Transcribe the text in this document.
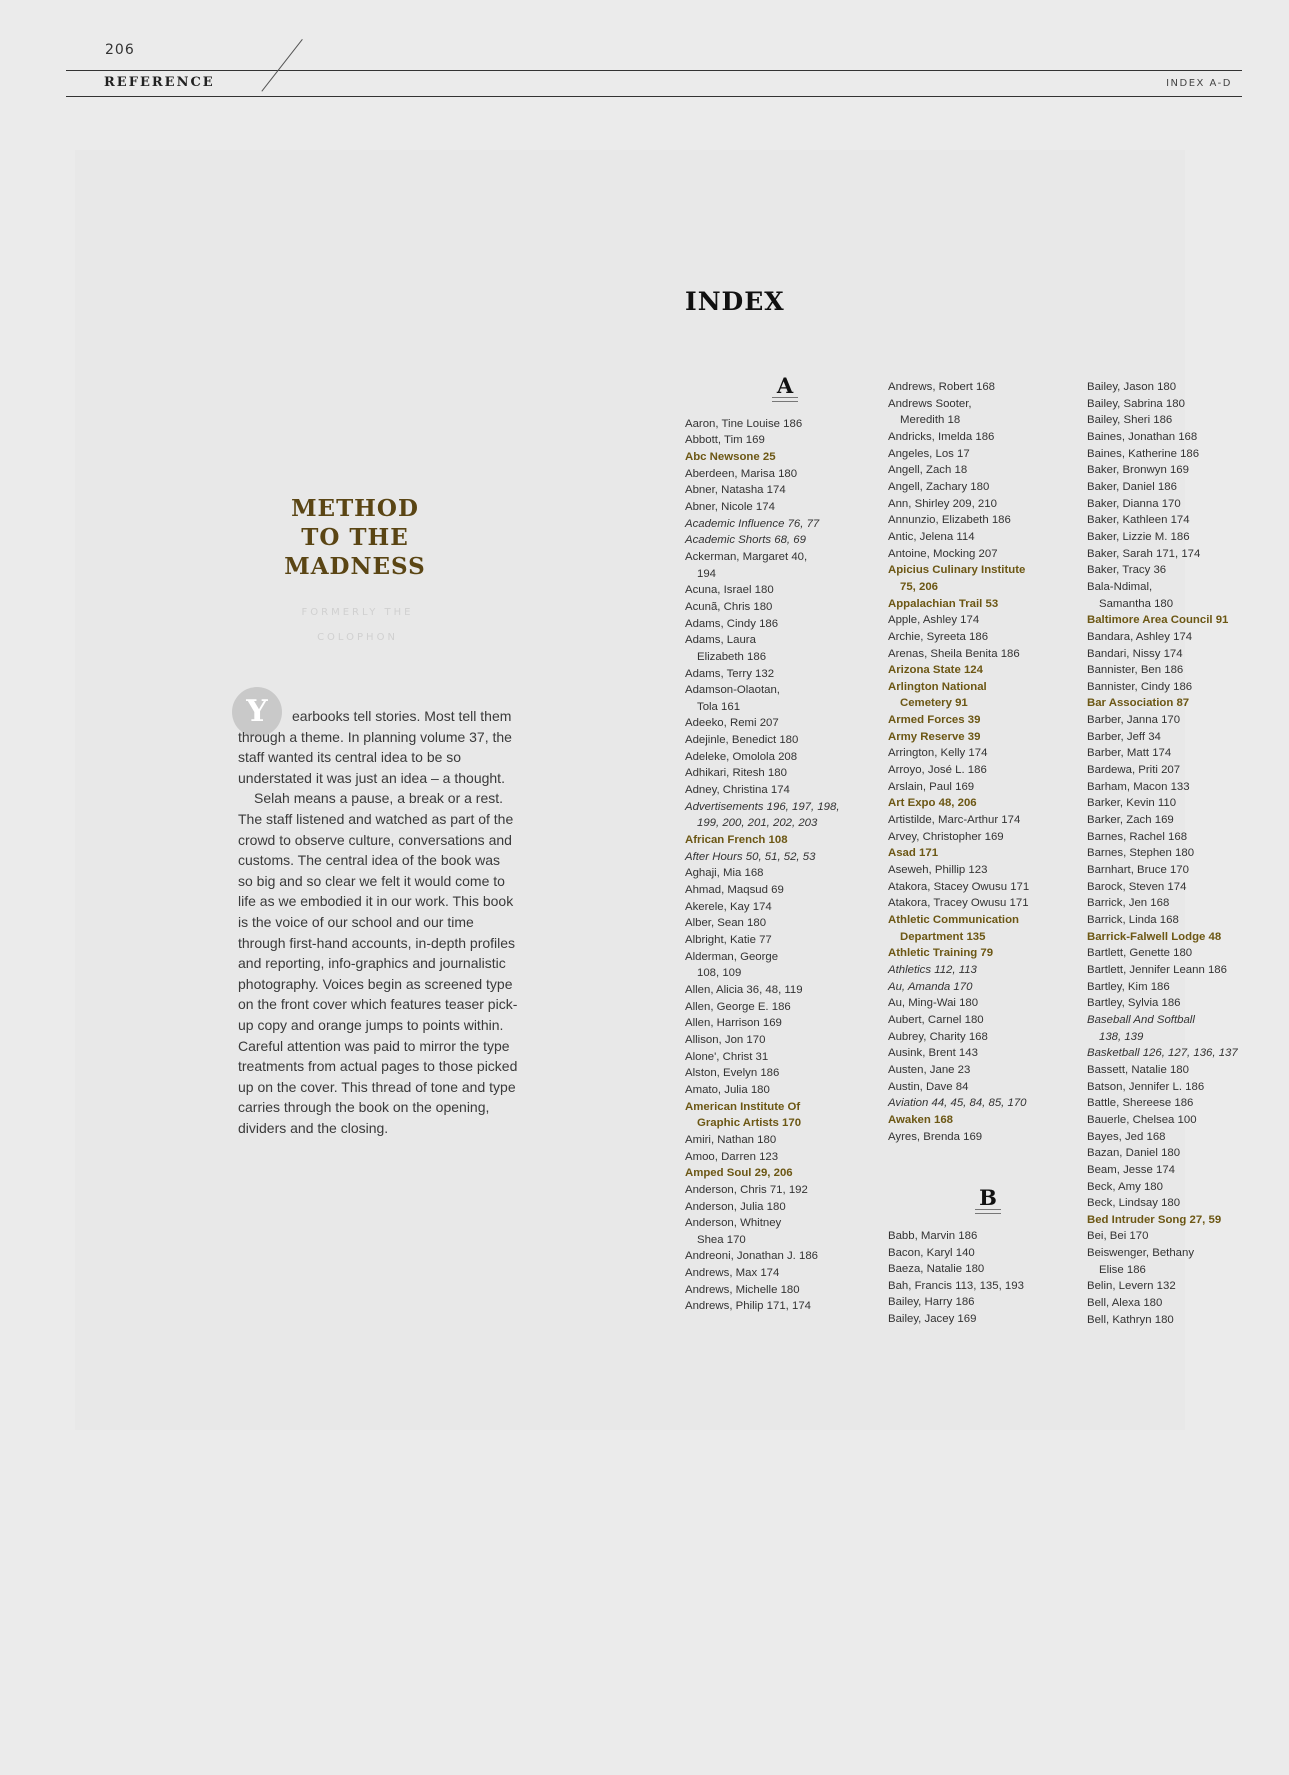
206
REFERENCE	INDEX A-D
INDEX
METHOD
TO THE
MADNESS
FORMERLY THE
COLOPHON
Y	earbooks tell stories. Most tell them through a theme. In planning volume 37, the staff wanted its central idea to be so understated it was just an idea – a thought.

Selah means a pause, a break or a rest. The staff listened and watched as part of the crowd to observe culture, conversations and customs. The central idea of the book was so big and so clear we felt it would come to life as we embodied it in our work. This book is the voice of our school and our time through first-hand accounts, in-depth profiles and reporting, info-graphics and journalistic photography. Voices begin as screened type on the front cover which features teaser pick-up copy and orange jumps to points within. Careful attention was paid to mirror the type treatments from actual pages to those picked up on the cover. This thread of tone and type carries through the book on the opening, dividers and the closing.

A
Aaron, Tine Louise 186
Abbott, Tim 169
Abc Newsone 25
Aberdeen, Marisa 180
Abner, Natasha 174
Abner, Nicole 174
Academic Influence 76, 77
Academic Shorts 68, 69
Ackerman, Margaret 40,
194
Acuna, Israel 180
Acunã, Chris 180
Adams, Cindy 186
Adams, Laura
Elizabeth 186
Adams, Terry 132
Adamson-Olaotan,
Tola 161
Adeeko, Remi 207
Adejinle, Benedict 180
Adeleke, Omolola 208
Adhikari, Ritesh 180
Adney, Christina 174
Advertisements 196, 197, 198,
199, 200, 201, 202, 203
African French 108
After Hours 50, 51, 52, 53
Aghaji, Mia 168
Ahmad, Maqsud 69
Akerele, Kay 174
Alber, Sean 180
Albright, Katie 77
Alderman, George
108, 109
Allen, Alicia 36, 48, 119
Allen, George E. 186
Allen, Harrison 169
Allison, Jon 170
Alone', Christ 31
Alston, Evelyn 186
Amato, Julia 180
American Institute Of
Graphic Artists 170
Amiri, Nathan 180
Amoo, Darren 123
Amped Soul 29, 206
Anderson, Chris 71, 192
Anderson, Julia 180
Anderson, Whitney
Shea 170
Andreoni, Jonathan J. 186
Andrews, Max 174
Andrews, Michelle 180
Andrews, Philip 171, 174
Andrews, Robert 168
Andrews Sooter,
Meredith 18
Andricks, Imelda 186
Angeles, Los 17
Angell, Zach 18
Angell, Zachary 180
Ann, Shirley 209, 210
Annunzio, Elizabeth 186
Antic, Jelena 114
Antoine, Mocking 207
Apicius Culinary Institute
75, 206
Appalachian Trail 53
Apple, Ashley 174
Archie, Syreeta 186
Arenas, Sheila Benita 186
Arizona State 124
Arlington National
Cemetery 91
Armed Forces 39
Army Reserve 39
Arrington, Kelly 174
Arroyo, José L. 186
Arslain, Paul 169
Art Expo 48, 206
Artistilde, Marc-Arthur 174
Arvey, Christopher 169
Asad 171
Aseweh, Phillip 123
Atakora, Stacey Owusu 171
Atakora, Tracey Owusu 171
Athletic Communication
Department 135
Athletic Training 79
Athletics 112, 113
Au, Amanda 170
Au, Ming-Wai 180
Aubert, Carnel 180
Aubrey, Charity 168
Ausink, Brent 143
Austen, Jane 23
Austin, Dave 84
Aviation 44, 45, 84, 85, 170
Awaken 168
Ayres, Brenda 169
B
Babb, Marvin 186
Bacon, Karyl 140
Baeza, Natalie 180
Bah, Francis 113, 135, 193
Bailey, Harry 186
Bailey, Jacey 169
Bailey, Jason 180
Bailey, Sabrina 180
Bailey, Sheri 186
Baines, Jonathan 168
Baines, Katherine 186
Baker, Bronwyn 169
Baker, Daniel 186
Baker, Dianna 170
Baker, Kathleen 174
Baker, Lizzie M. 186
Baker, Sarah 171, 174
Baker, Tracy 36
Bala-Ndimal,
Samantha 180
Baltimore Area Council 91
Bandara, Ashley 174
Bandari, Nissy 174
Bannister, Ben 186
Bannister, Cindy 186
Bar Association 87
Barber, Janna 170
Barber, Jeff 34
Barber, Matt 174
Bardewa, Priti 207
Barham, Macon 133
Barker, Kevin 110
Barker, Zach 169
Barnes, Rachel 168
Barnes, Stephen 180
Barnhart, Bruce 170
Barock, Steven 174
Barrick, Jen 168
Barrick, Linda 168
Barrick-Falwell Lodge 48
Bartlett, Genette 180
Bartlett, Jennifer Leann 186
Bartley, Kim 186
Bartley, Sylvia 186
Baseball And Softball
138, 139
Basketball 126, 127, 136, 137
Bassett, Natalie 180
Batson, Jennifer L. 186
Battle, Shereese 186
Bauerle, Chelsea 100
Bayes, Jed 168
Bazan, Daniel 180
Beam, Jesse 174
Beck, Amy 180
Beck, Lindsay 180
Bed Intruder Song 27, 59
Bei, Bei 170
Beiswenger, Bethany
Elise 186
Belin, Levern 132
Bell, Alexa 180
Bell, Kathryn 180
